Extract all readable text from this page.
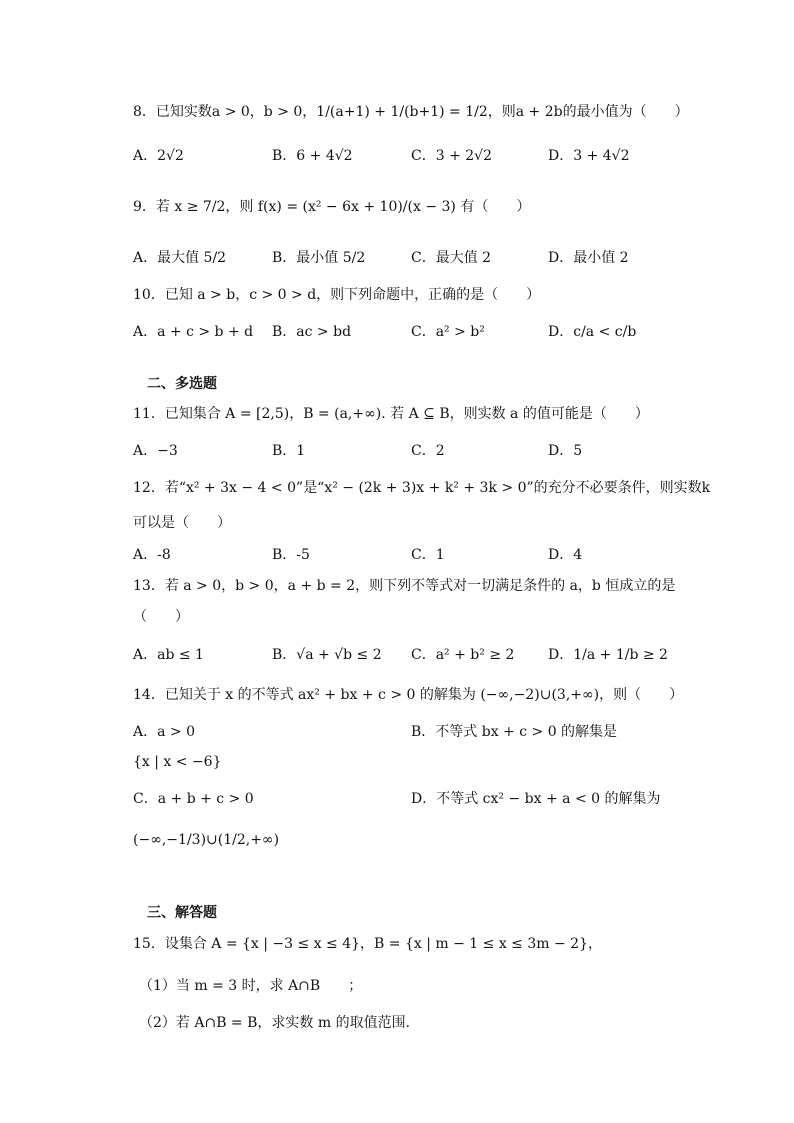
8．已知实数a > 0，b > 0，1/(a+1) + 1/(b+1) = 1/2，则a + 2b的最小值为（　　）
A．2√2	B．6 + 4√2	C．3 + 2√2	D．3 + 4√2
9．若 x ≥ 7/2，则 f(x) = (x² − 6x + 10)/(x − 3) 有（　　）
A．最大值 5/2	B．最小值 5/2	C．最大值 2	D．最小值 2
10．已知 a > b，c > 0 > d，则下列命题中，正确的是（　　）
A．a + c > b + d B．ac > bd	C．a² > b²	D．c/a < c/b
二、多选题
11．已知集合 A = [2,5)，B = (a,+∞). 若 A ⊆ B，则实数 a 的值可能是（　　）
A．−3	B．1	C．2	D．5
12．若“x² + 3x − 4 < 0”是“x² − (2k + 3)x + k² + 3k > 0”的充分不必要条件，则实数k
可以是（　　）
A．-8	B．-5	C．1	D．4
13．若 a > 0，b > 0，a + b = 2，则下列不等式对一切满足条件的 a，b 恒成立的是
（　　）
A．ab ≤ 1	B．√a + √b ≤ 2 C．a² + b² ≥ 2 D．1/a + 1/b ≥ 2
14．已知关于 x 的不等式 ax² + bx + c > 0 的解集为 (−∞,−2)∪(3,+∞)，则（　　）
A．a > 0	B．不等式 bx + c > 0 的解集是
{x | x < −6}
C．a + b + c > 0	D．不等式 cx² − bx + a < 0 的解集为
(−∞,−1/3)∪(1/2,+∞)
三、解答题
15．设集合 A = {x | −3 ≤ x ≤ 4}，B = {x | m − 1 ≤ x ≤ 3m − 2}，
（1）当 m = 3 时，求 A∩B　　；
（2）若 A∩B = B，求实数 m 的取值范围．
